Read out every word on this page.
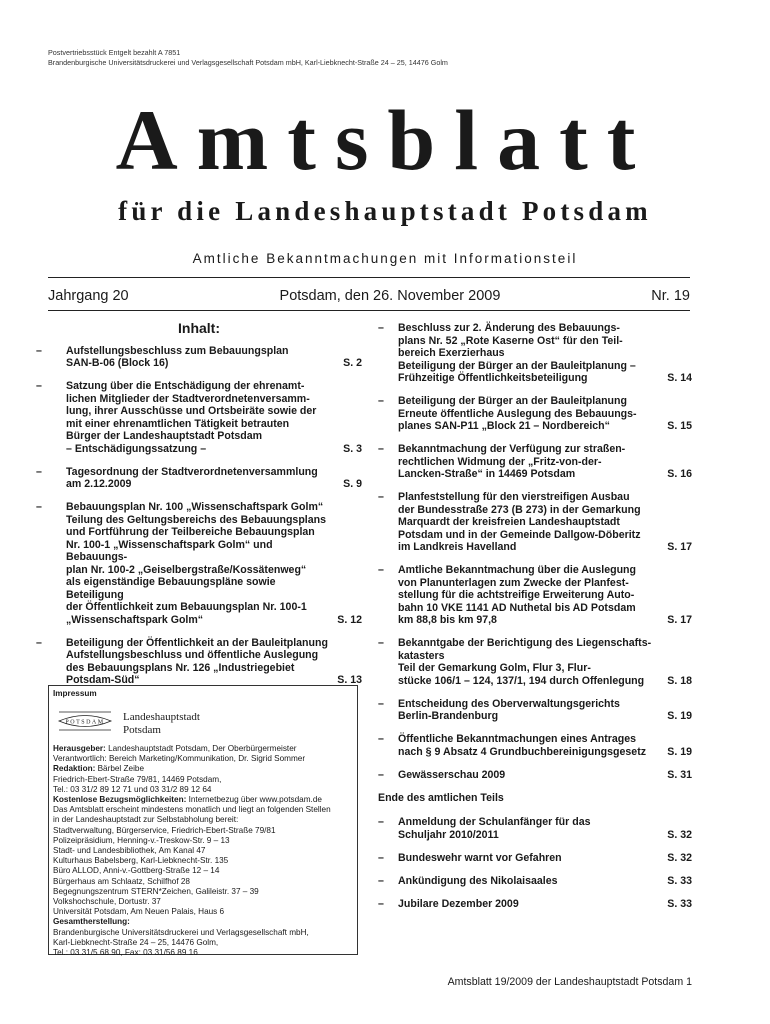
Postvertriebsstück Entgelt bezahlt A 7851
Brandenburgische Universitätsdruckerei und Verlagsgesellschaft Potsdam mbH, Karl-Liebknecht-Straße 24 – 25, 14476 Golm
Amtsblatt
für die Landeshauptstadt Potsdam
Amtliche Bekanntmachungen mit Informationsteil
Jahrgang 20	Potsdam, den 26. November 2009	Nr. 19
Inhalt:
–	Aufstellungsbeschluss zum Bebauungsplan
SAN-B-06 (Block 16)	S. 2
–	Satzung über die Entschädigung der ehrenamt-
lichen Mitglieder der Stadtverordnetenversamm-
lung, ihrer Ausschüsse und Ortsbeiräte sowie der
mit einer ehrenamtlichen Tätigkeit betrauten
Bürger der Landeshauptstadt Potsdam
– Entschädigungssatzung –	S. 3
–	Tagesordnung der Stadtverordnetenversammlung
am 2.12.2009	S. 9
–	Bebauungsplan Nr. 100 „Wissenschaftspark Golm“
Teilung des Geltungsbereichs des Bebauungsplans
und Fortführung der Teilbereiche Bebauungsplan
Nr. 100-1 „Wissenschaftspark Golm“ und Bebauungs-
plan Nr. 100-2 „Geiselbergstraße/Kossätenweg“
als eigenständige Bebauungspläne sowie Beteiligung
der Öffentlichkeit zum Bebauungsplan Nr. 100-1
„Wissenschaftspark Golm“	S. 12
–	Beteiligung der Öffentlichkeit an der Bauleitplanung
Aufstellungsbeschluss und öffentliche Auslegung
des Bebauungsplans Nr. 126 „Industriegebiet
Potsdam-Süd“	S. 13
–	Beschluss zur 2. Änderung des Bebauungs-
plans Nr. 52 „Rote Kaserne Ost“ für den Teil-
bereich Exerzierhaus
Beteiligung der Bürger an der Bauleitplanung –
Frühzeitige Öffentlichkeitsbeteiligung	S. 14
–	Beteiligung der Bürger an der Bauleitplanung
Erneute öffentliche Auslegung des Bebauungs-
planes SAN-P11 „Block 21 – Nordbereich“	S. 15
–	Bekanntmachung der Verfügung zur straßen-
rechtlichen Widmung der „Fritz-von-der-
Lancken-Straße“ in 14469 Potsdam	S. 16
–	Planfeststellung für den vierstreifigen Ausbau
der Bundesstraße 273 (B 273) in der Gemarkung
Marquardt der kreisfreien Landeshauptstadt
Potsdam und in der Gemeinde Dallgow-Döberitz
im Landkreis Havelland	S. 17
–	Amtliche Bekanntmachung über die Auslegung
von Planunterlagen zum Zwecke der Planfest-
stellung für die achtstreifige Erweiterung Auto-
bahn 10 VKE 1141 AD Nuthetal bis AD Potsdam
km 88,8 bis km 97,8	S. 17
–	Bekanntgabe der Berichtigung des Liegenschafts-
katasters
Teil der Gemarkung Golm, Flur 3, Flur-
stücke 106/1 – 124, 137/1, 194 durch Offenlegung	S. 18
–	Entscheidung des Oberverwaltungsgerichts
Berlin-Brandenburg	S. 19
–	Öffentliche Bekanntmachungen eines Antrages
nach § 9 Absatz 4 Grundbuchbereinigungsgesetz	S. 19
–	Gewässerschau 2009	S. 31
Ende des amtlichen Teils
–	Anmeldung der Schulanfänger für das
Schuljahr 2010/2011	S. 32
–	Bundeswehr warnt vor Gefahren	S. 32
–	Ankündigung des Nikolaisaales	S. 33
–	Jubilare Dezember 2009	S. 33
Impressum
POTSDAM Landeshauptstadt
Potsdam
Herausgeber: Landeshauptstadt Potsdam, Der Oberbürgermeister
Verantwortlich: Bereich Marketing/Kommunikation, Dr. Sigrid Sommer
Redaktion: Bärbel Zeibe
Friedrich-Ebert-Straße 79/81, 14469 Potsdam,
Tel.: 03 31/2 89 12 71 und 03 31/2 89 12 64
Kostenlose Bezugsmöglichkeiten: Internetbezug über www.potsdam.de
Das Amtsblatt erscheint mindestens monatlich und liegt an folgenden Stellen
in der Landeshauptstadt zur Selbstabholung bereit:
Stadtverwaltung, Bürgerservice, Friedrich-Ebert-Straße 79/81
Polizeipräsidium, Henning-v.-Treskow-Str. 9 – 13
Stadt- und Landesbibliothek, Am Kanal 47
Kulturhaus Babelsberg, Karl-Liebknecht-Str. 135
Büro ALLOD, Anni-v.-Gottberg-Straße 12 – 14
Bürgerhaus am Schlaatz, Schilfhof 28
Begegnungszentrum STERN*Zeichen, Galileistr. 37 – 39
Volkshochschule, Dortustr. 37
Universität Potsdam, Am Neuen Palais, Haus 6
Gesamtherstellung:
Brandenburgische Universitätsdruckerei und Verlagsgesellschaft mbH,
Karl-Liebknecht-Straße 24 – 25, 14476 Golm,
Tel.: 03 31/5 68 90, Fax: 03 31/56 89 16
Amtsblatt 19/2009 der Landeshauptstadt Potsdam 1
